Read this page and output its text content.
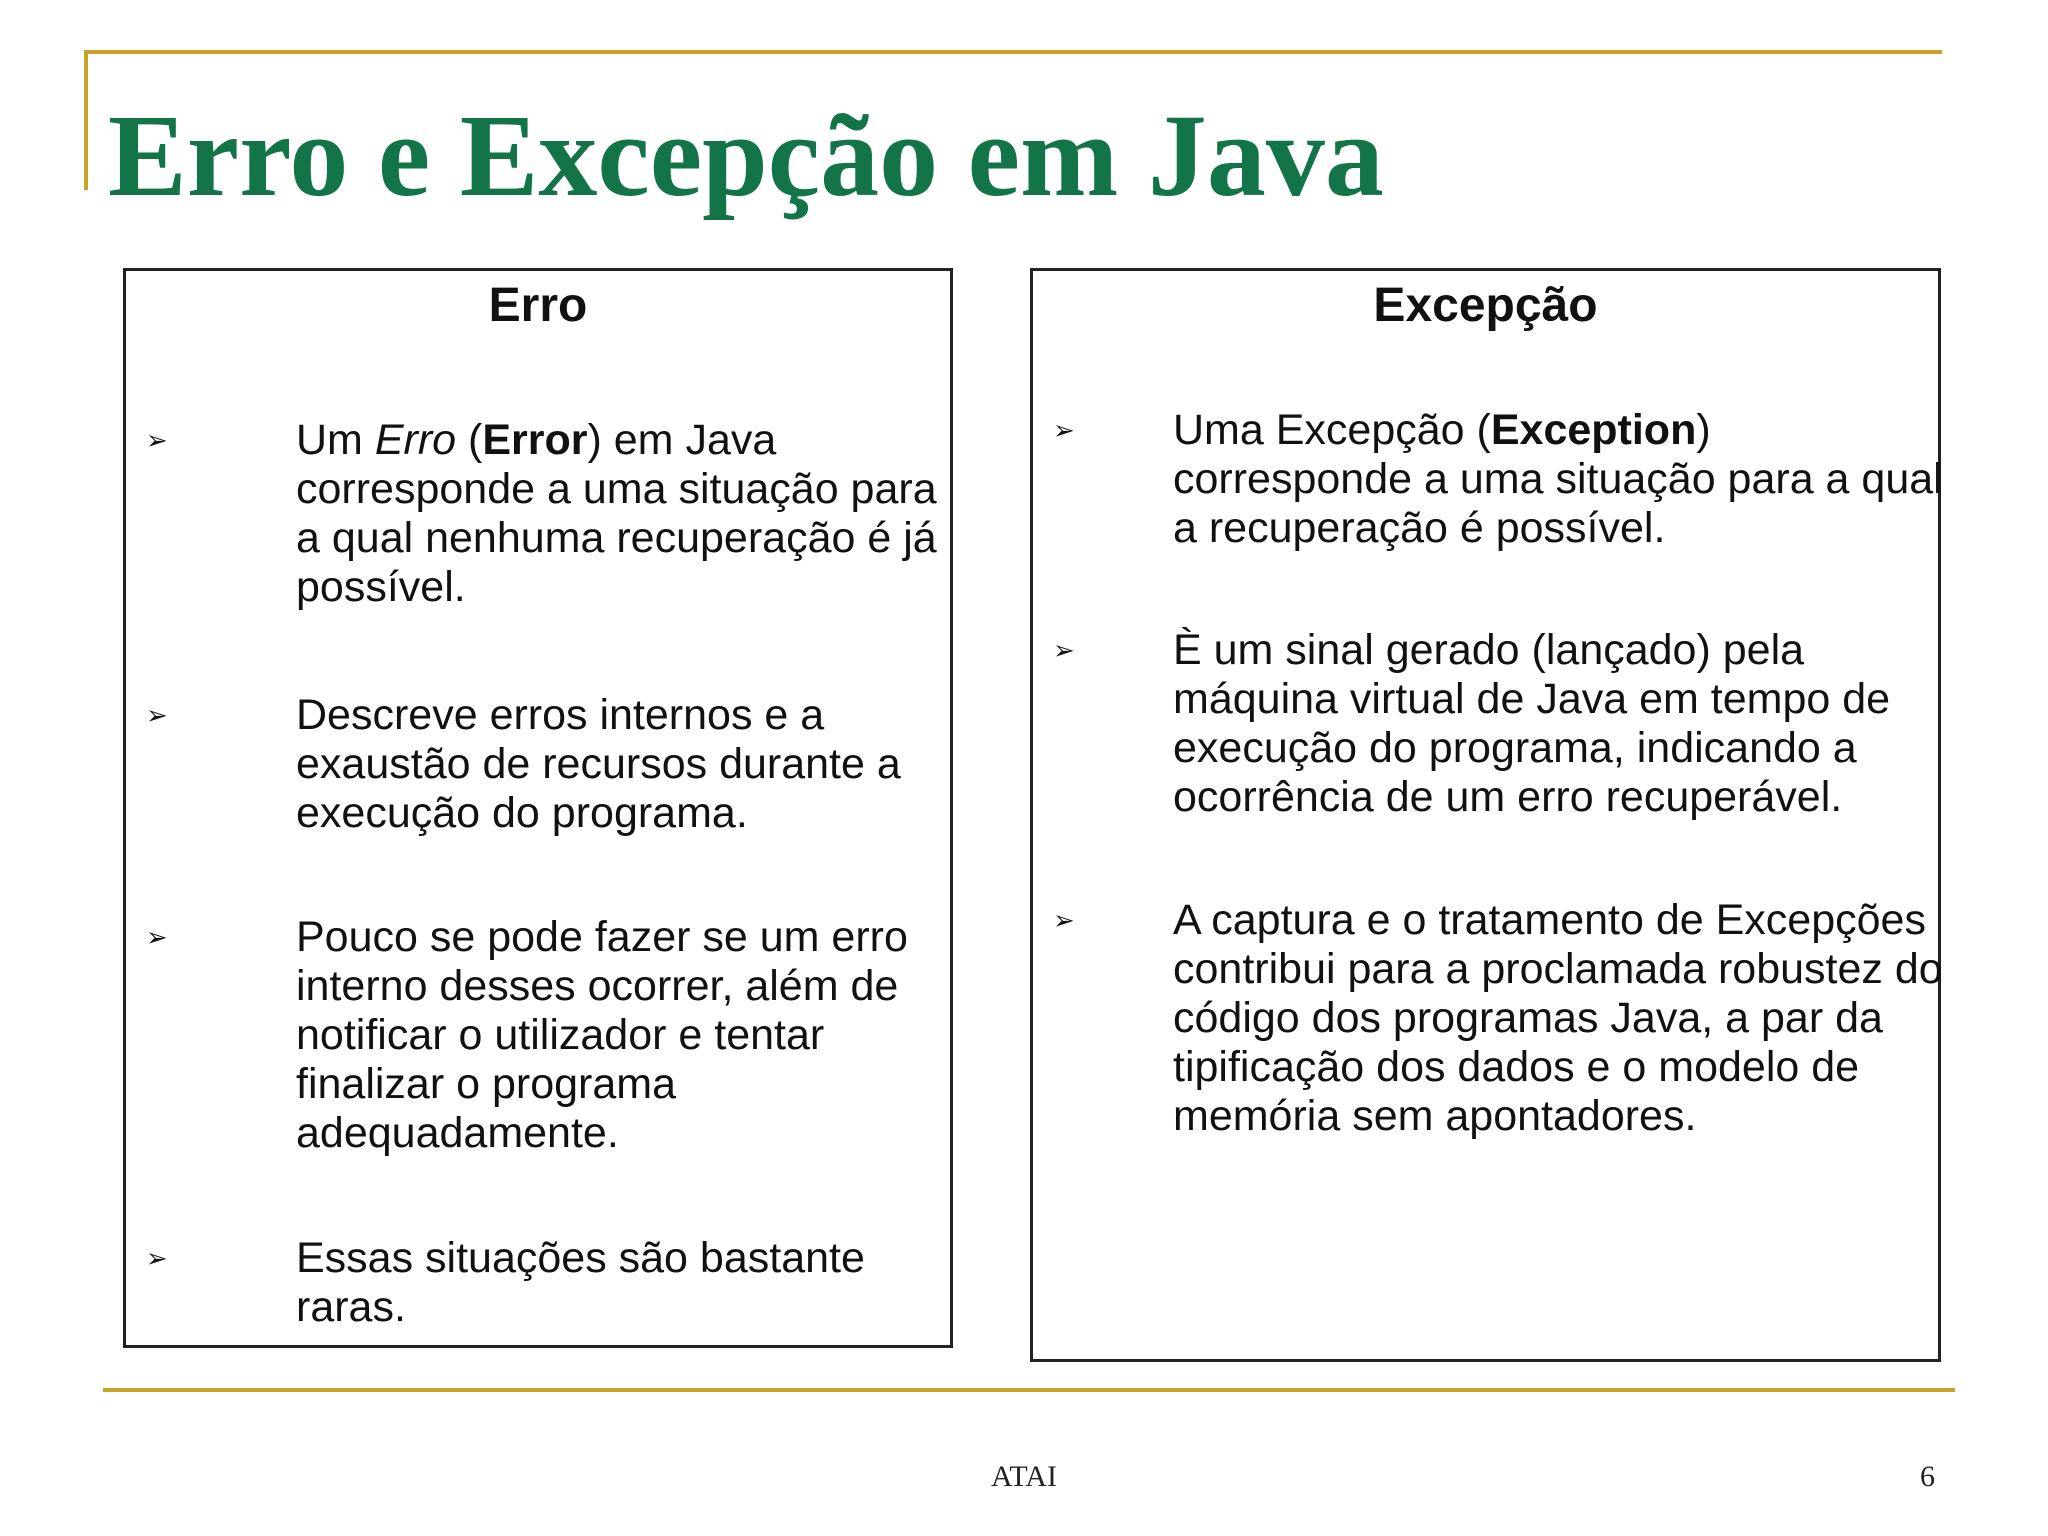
Erro e Excepção em Java
Erro
➢	Um Erro (Error) em Java corresponde a uma situação para a qual nenhuma recuperação é já possível.
➢	Descreve erros internos e a exaustão de recursos durante a execução do programa.
➢	Pouco se pode fazer se um erro interno desses ocorrer, além de notificar o utilizador e tentar finalizar o programa adequadamente.
➢	Essas situações são bastante raras.
Excepção
➢ Uma Excepção (Exception) corresponde a uma situação para a qual a recuperação é possível.
➢ È um sinal gerado (lançado) pela máquina virtual de Java em tempo de execução do programa, indicando a ocorrência de um erro recuperável.
➢ A captura e o tratamento de Excepções contribui para a proclamada robustez do código dos programas Java, a par da tipificação dos dados e o modelo de memória sem apontadores.
ATAI	6
